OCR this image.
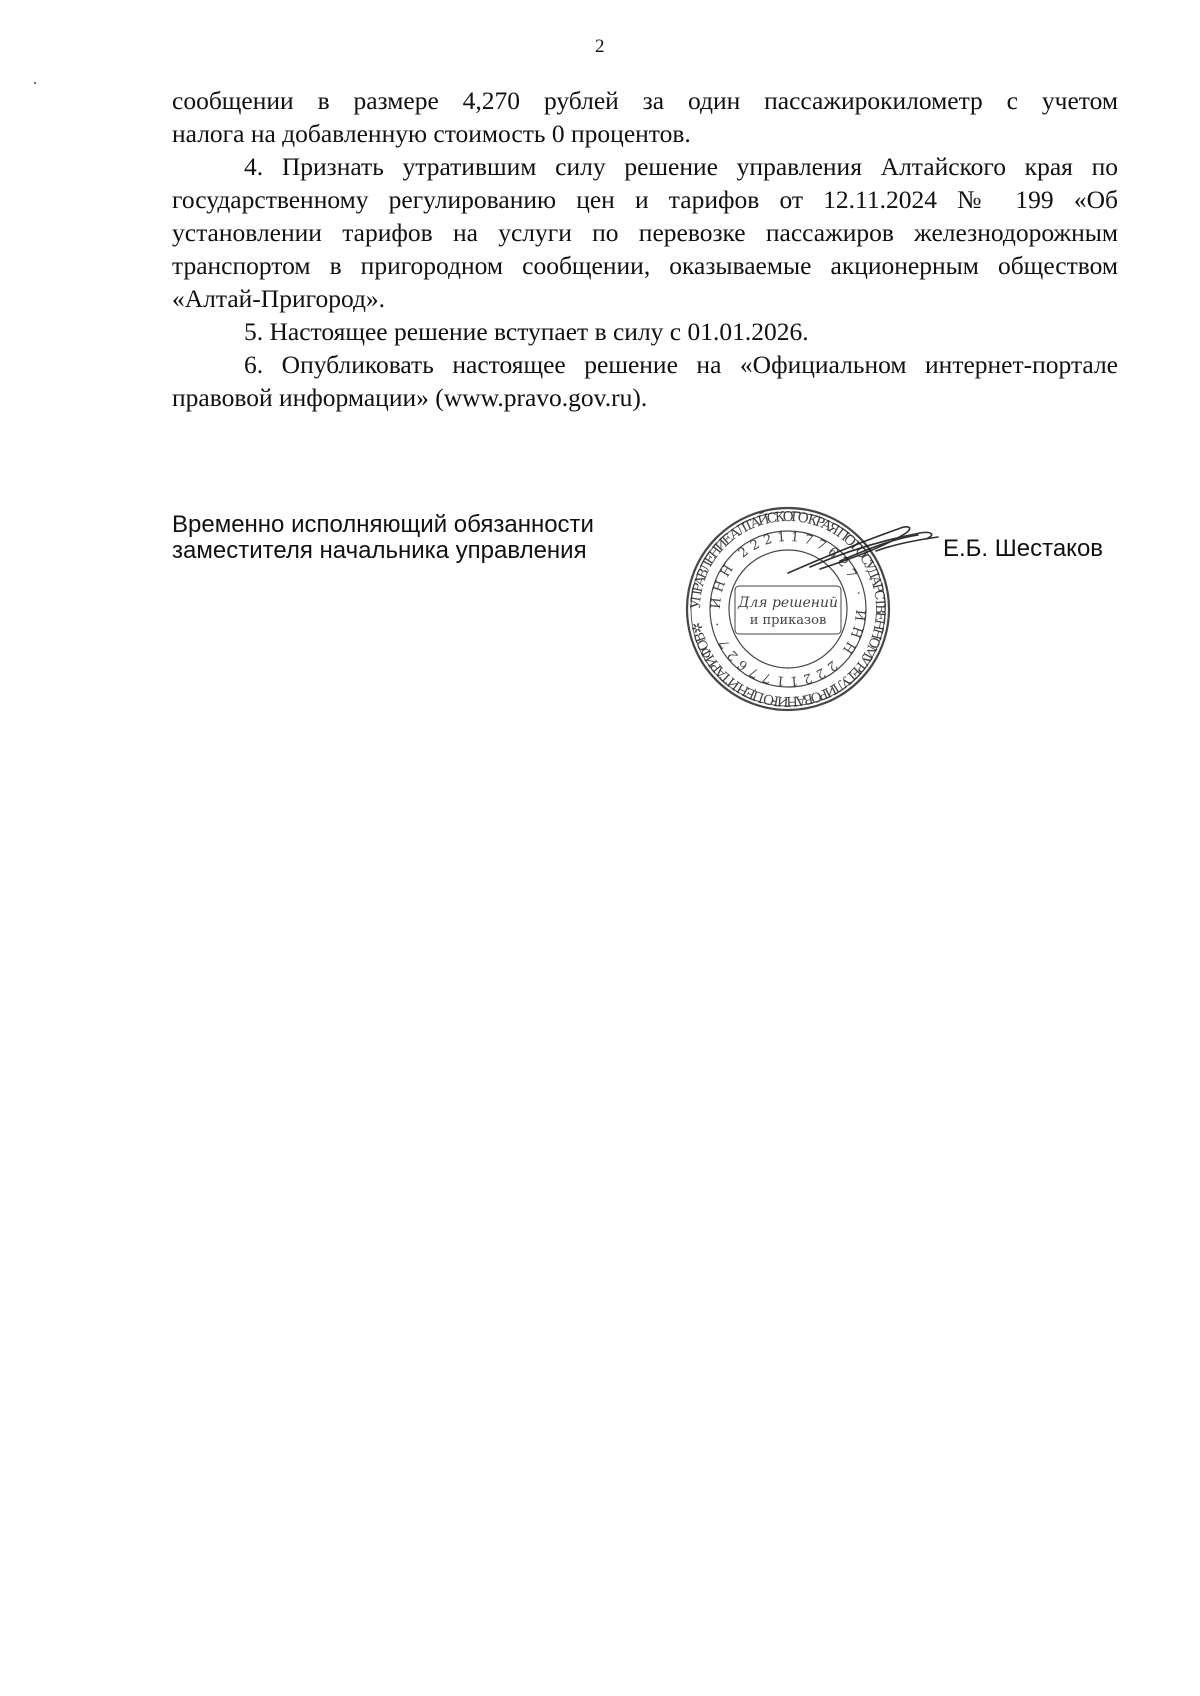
2

сообщении в размере 4,270 рублей за один пассажирокилометр с учетом
налога на добавленную стоимость 0 процентов.

4. Признать утратившим силу решение управления Алтайского края по государственному регулированию цен и тарифов от 12.11.2024 № 199 «Об установлении тарифов на услуги по перевозке пассажиров железнодорожным транспортом в пригородном сообщении, оказываемые акционерным обществом «Алтай-Пригород».

5. Настоящее решение вступает в силу с 01.01.2026.

6. Опубликовать настоящее решение на «Официальном интернет-портале правовой информации» (www.pravo.gov.ru).

Временно исполняющий обязанности
заместителя начальника управления
УПРАВЛЕНИЕ АЛТАЙСКОГО КРАЯ ПО ГОСУДАРСТВЕННОМУ РЕГУЛИРОВАНИЮ ЦЕН И ТАРИФОВ ✲
ИНН 2221177627 · ИНН 2221177627 ·
Для решений
и приказов
Е.Б. Шестаков
